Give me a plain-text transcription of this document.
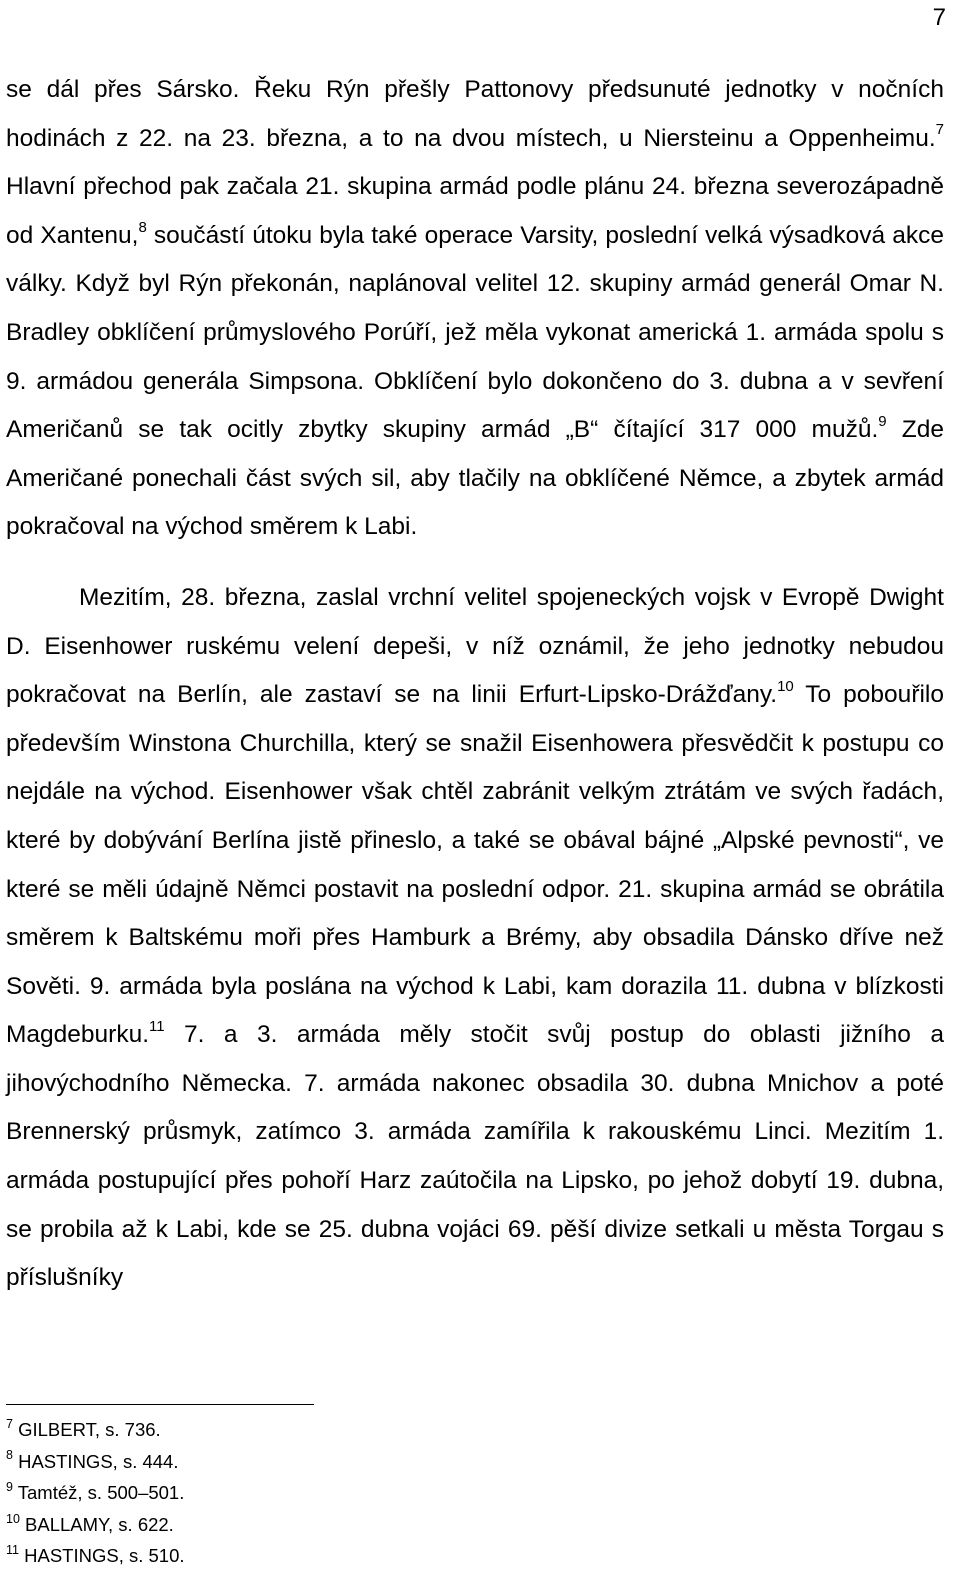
7

se dál přes Sársko. Řeku Rýn přešly Pattonovy předsunuté jednotky v nočních hodinách z 22. na 23. března, a to na dvou místech, u Niersteinu a Oppenheimu.$^7$ Hlavní přechod pak začala 21. skupina armád podle plánu 24. března severozápadně od Xantenu,$^8$ součástí útoku byla také operace Varsity, poslední velká výsadková akce války. Když byl Rýn překonán, naplánoval velitel 12. skupiny armád generál Omar N. Bradley obklíčení průmyslového Porúří, jež měla vykonat americká 1. armáda spolu s 9. armádou generála Simpsona. Obklíčení bylo dokončeno do 3. dubna a v sevření Američanů se tak ocitly zbytky skupiny armád „B“ čítající 317 000 mužů.$^9$ Zde Američané ponechali část svých sil, aby tlačily na obklíčené Němce, a zbytek armád pokračoval na východ směrem k Labi.

Mezitím, 28. března, zaslal vrchní velitel spojeneckých vojsk v Evropě Dwight D. Eisenhower ruskému velení depeši, v níž oznámil, že jeho jednotky nebudou pokračovat na Berlín, ale zastaví se na linii Erfurt-Lipsko-Drážďany.$^{10}$ To pobouřilo především Winstona Churchilla, který se snažil Eisenhowera přesvědčit k postupu co nejdále na východ. Eisenhower však chtěl zabránit velkým ztrátám ve svých řadách, které by dobývání Berlína jistě přineslo, a také se obával bájné „Alpské pevnosti“, ve které se měli údajně Němci postavit na poslední odpor. 21. skupina armád se obrátila směrem k Baltskému moři přes Hamburk a Brémy, aby obsadila Dánsko dříve než Sověti. 9. armáda byla poslána na východ k Labi, kam dorazila 11. dubna v blízkosti Magdeburku.$^{11}$ 7. a 3. armáda měly stočit svůj postup do oblasti jižního a jihovýchodního Německa. 7. armáda nakonec obsadila 30. dubna Mnichov a poté Brennerský průsmyk, zatímco 3. armáda zamířila k rakouskému Linci. Mezitím 1. armáda postupující přes pohoří Harz zaútočila na Lipsko, po jehož dobytí 19. dubna, se probila až k Labi, kde se 25. dubna vojáci 69. pěší divize setkali u města Torgau s příslušníky

$^7$ GILBERT, s. 736.
$^8$ HASTINGS, s. 444.
$^9$ Tamtéž, s. 500–501.
$^{10}$ BALLAMY, s. 622.
$^{11}$ HASTINGS, s. 510.
